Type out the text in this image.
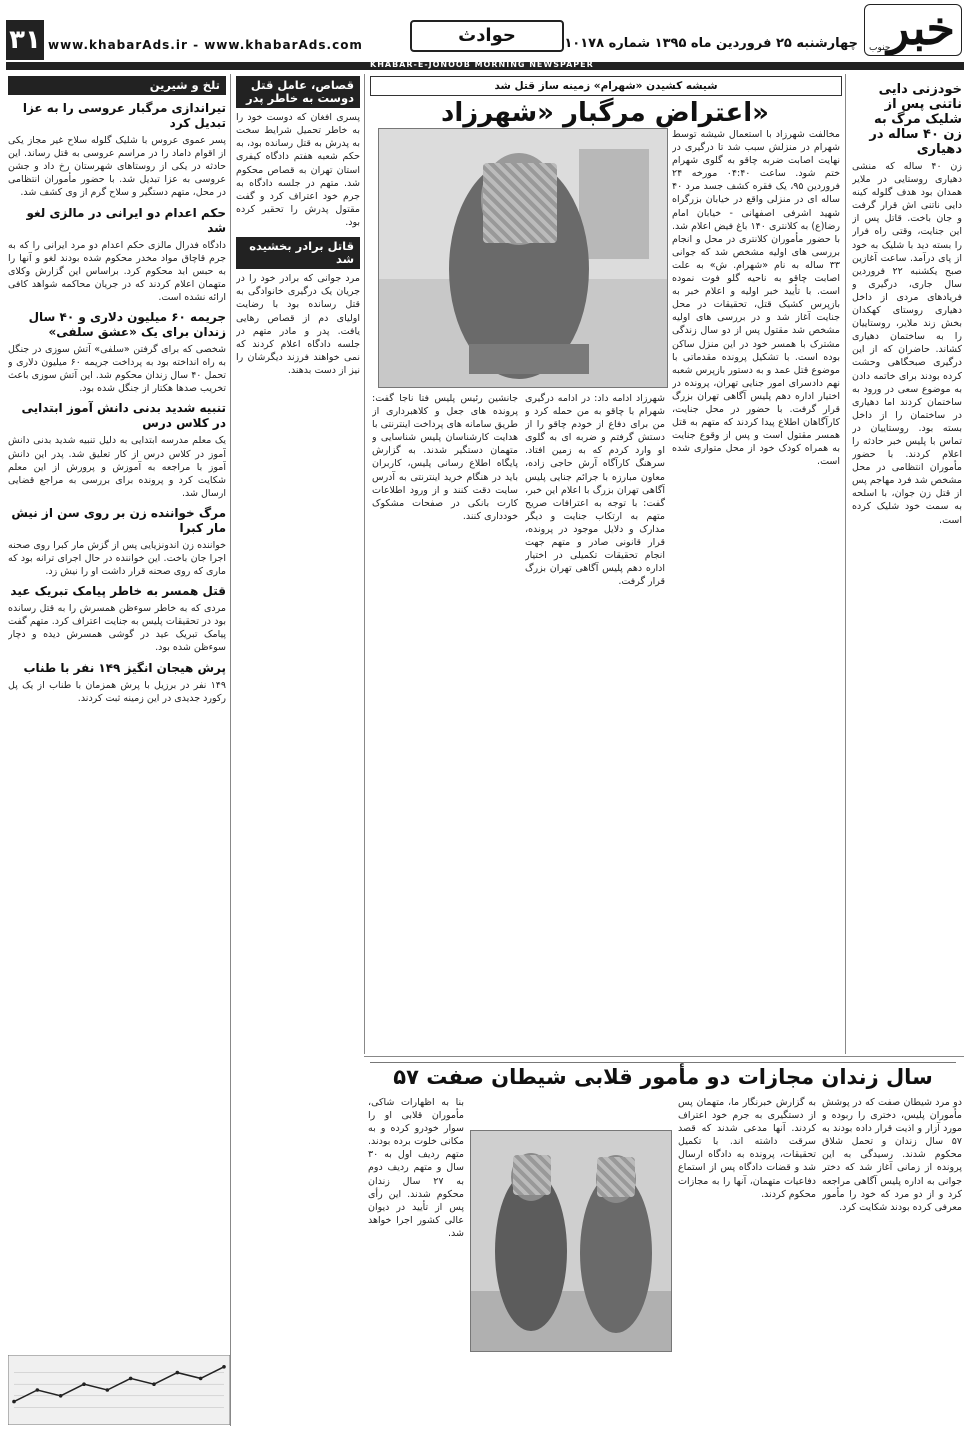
خبر
جنوب
چهارشنبه ۲۵ فروردین ماه ۱۳۹۵ شماره ۱۰۱۷۸
حوادث
www.khabarAds.ir - www.khabarAds.com
۳۱
KHABAR-E-JONOOB MORNING NEWSPAPER
خودزنی دایی ناتنی پس از شلیک مرگ به زن ۴۰ ساله در دهیاری
زن ۴۰ ساله که منشی دهیاری روستایی در ملایر همدان بود هدف گلوله کینه دایی ناتنی اش قرار گرفت و جان باخت. قاتل پس از این جنایت، وقتی راه فرار را بسته دید با شلیک به خود از پای درآمد. ساعت آغازین صبح یکشنبه ۲۲ فروردین سال جاری، درگیری و فریادهای مردی از داخل دهیاری روستای کهکدان بخش زند ملایر، روستاییان را به ساختمان دهیاری کشاند. حاضران که از این درگیری صبحگاهی وحشت کرده بودند برای خاتمه دادن به موضوع سعی در ورود به ساختمان کردند اما دهیاری در ساختمان را از داخل بسته بود. روستاییان در تماس با پلیس خبر حادثه را اعلام کردند. با حضور مأموران انتظامی در محل مشخص شد فرد مهاجم پس از قتل زن جوان، با اسلحه به سمت خود شلیک کرده است.
شیشه کشیدن «شهرام» زمینه ساز قتل شد
اعتراض مرگبار «شهرزاد»
مخالفت شهرزاد با استعمال شیشه توسط شهرام در منزلش سبب شد تا درگیری در نهایت اصابت ضربه چاقو به گلوی شهرام ختم شود. ساعت ۰۴:۴۰ مورخه ۲۴ فروردین ۹۵، یک فقره کشف جسد مرد ۴۰ ساله ای در منزلی واقع در خیابان بزرگراه شهید اشرفی اصفهانی - خیابان امام رضا(ع) به کلانتری ۱۴۰ باغ فیض اعلام شد. با حضور مأموران کلانتری در محل و انجام بررسی های اولیه مشخص شد که جوانی ۳۳ ساله به نام «شهرام. ش» به علت اصابت چاقو به ناحیه گلو فوت نموده است. با تأیید خبر اولیه و اعلام خبر به بازپرس کشیک قتل، تحقیقات در محل جنایت آغاز شد و در بررسی های اولیه مشخص شد مقتول پس از دو سال زندگی مشترک با همسر خود در این منزل ساکن بوده است. با تشکیل پرونده مقدماتی با موضوع قتل عمد و به دستور بازپرس شعبه نهم دادسرای امور جنایی تهران، پرونده در اختیار اداره دهم پلیس آگاهی تهران بزرگ قرار گرفت. با حضور در محل جنایت، کارآگاهان اطلاع پیدا کردند که متهم به قتل همسر مقتول است و پس از وقوع جنایت به همراه کودک خود از محل متواری شده است.
شهرزاد ادامه داد: در ادامه درگیری شهرام با چاقو به من حمله کرد و من برای دفاع از خودم چاقو را از دستش گرفتم و ضربه ای به گلوی او وارد کردم که به زمین افتاد. سرهنگ کارآگاه آرش حاجی زاده، معاون مبارزه با جرائم جنایی پلیس آگاهی تهران بزرگ با اعلام این خبر، گفت: با توجه به اعترافات صریح متهم به ارتکاب جنایت و دیگر مدارک و دلایل موجود در پرونده، قرار قانونی صادر و متهم جهت انجام تحقیقات تکمیلی در اختیار اداره دهم پلیس آگاهی تهران بزرگ قرار گرفت.
جانشین رئیس پلیس فتا ناجا گفت: پرونده های جعل و کلاهبرداری از طریق سامانه های پرداخت اینترنتی با هدایت کارشناسان پلیس شناسایی و متهمان دستگیر شدند. به گزارش پایگاه اطلاع رسانی پلیس، کاربران باید در هنگام خرید اینترنتی به آدرس سایت دقت کنند و از ورود اطلاعات کارت بانکی در صفحات مشکوک خودداری کنند.
قصاص، عامل قتل دوست به خاطر پدر
پسری افغان که دوست خود را به خاطر تحمیل شرایط سخت به پدرش به قتل رسانده بود، به حکم شعبه هفتم دادگاه کیفری استان تهران به قصاص محکوم شد. متهم در جلسه دادگاه به جرم خود اعتراف کرد و گفت مقتول پدرش را تحقیر کرده بود.
قاتل برادر بخشیده شد
مرد جوانی که برادر خود را در جریان یک درگیری خانوادگی به قتل رسانده بود با رضایت اولیای دم از قصاص رهایی یافت. پدر و مادر متهم در جلسه دادگاه اعلام کردند که نمی خواهند فرزند دیگرشان را نیز از دست بدهند.
تلخ و شیرین
تیراندازی مرگبار عروسی را به عزا تبدیل کرد
پسر عموی عروس با شلیک گلوله سلاح غیر مجاز یکی از اقوام داماد را در مراسم عروسی به قتل رساند. این حادثه در یکی از روستاهای شهرستان رخ داد و جشن عروسی به عزا تبدیل شد. با حضور مأموران انتظامی در محل، متهم دستگیر و سلاح گرم از وی کشف شد.
حکم اعدام دو ایرانی در مالزی لغو شد
دادگاه فدرال مالزی حکم اعدام دو مرد ایرانی را که به جرم قاچاق مواد مخدر محکوم شده بودند لغو و آنها را به حبس ابد محکوم کرد. براساس این گزارش وکلای متهمان اعلام کردند که در جریان محاکمه شواهد کافی ارائه نشده است.
جریمه ۶۰ میلیون دلاری و ۴۰ سال زندان برای یک «عشق سلفی»
شخصی که برای گرفتن «سلفی» آتش سوزی در جنگل به راه انداخته بود به پرداخت جریمه ۶۰ میلیون دلاری و تحمل ۴۰ سال زندان محکوم شد. این آتش سوزی باعث تخریب صدها هکتار از جنگل شده بود.
تنبیه شدید بدنی دانش آموز ابتدایی در کلاس درس
یک معلم مدرسه ابتدایی به دلیل تنبیه شدید بدنی دانش آموز در کلاس درس از کار تعلیق شد. پدر این دانش آموز با مراجعه به آموزش و پرورش از این معلم شکایت کرد و پرونده برای بررسی به مراجع قضایی ارسال شد.
مرگ خواننده زن بر روی سن از نیش مار کبرا
خواننده زن اندونزیایی پس از گزش مار کبرا روی صحنه اجرا جان باخت. این خواننده در حال اجرای ترانه بود که ماری که روی صحنه قرار داشت او را نیش زد.
قتل همسر به خاطر پیامک تبریک عید
مردی که به خاطر سوءظن همسرش را به قتل رسانده بود در تحقیقات پلیس به جنایت اعتراف کرد. متهم گفت پیامک تبریک عید در گوشی همسرش دیده و دچار سوءظن شده بود.
پرش هیجان انگیز ۱۴۹ نفر با طناب
۱۴۹ نفر در برزیل با پرش همزمان با طناب از یک پل رکورد جدیدی در این زمینه ثبت کردند.
۵۷ سال زندان مجازات دو مأمور قلابی شیطان صفت
دو مرد شیطان صفت که در پوشش مأموران پلیس، دختری را ربوده و مورد آزار و اذیت قرار داده بودند به ۵۷ سال زندان و تحمل شلاق محکوم شدند. رسیدگی به این پرونده از زمانی آغاز شد که دختر جوانی به اداره پلیس آگاهی مراجعه کرد و از دو مرد که خود را مأمور معرفی کرده بودند شکایت کرد.
به گزارش خبرنگار ما، متهمان پس از دستگیری به جرم خود اعتراف کردند. آنها مدعی شدند که قصد سرقت داشته اند. با تکمیل تحقیقات، پرونده به دادگاه ارسال شد و قضات دادگاه پس از استماع دفاعیات متهمان، آنها را به مجازات محکوم کردند.
بنا به اظهارات شاکی، مأموران قلابی او را سوار خودرو کرده و به مکانی خلوت برده بودند. متهم ردیف اول به ۳۰ سال و متهم ردیف دوم به ۲۷ سال زندان محکوم شدند. این رأی پس از تأیید در دیوان عالی کشور اجرا خواهد شد.
